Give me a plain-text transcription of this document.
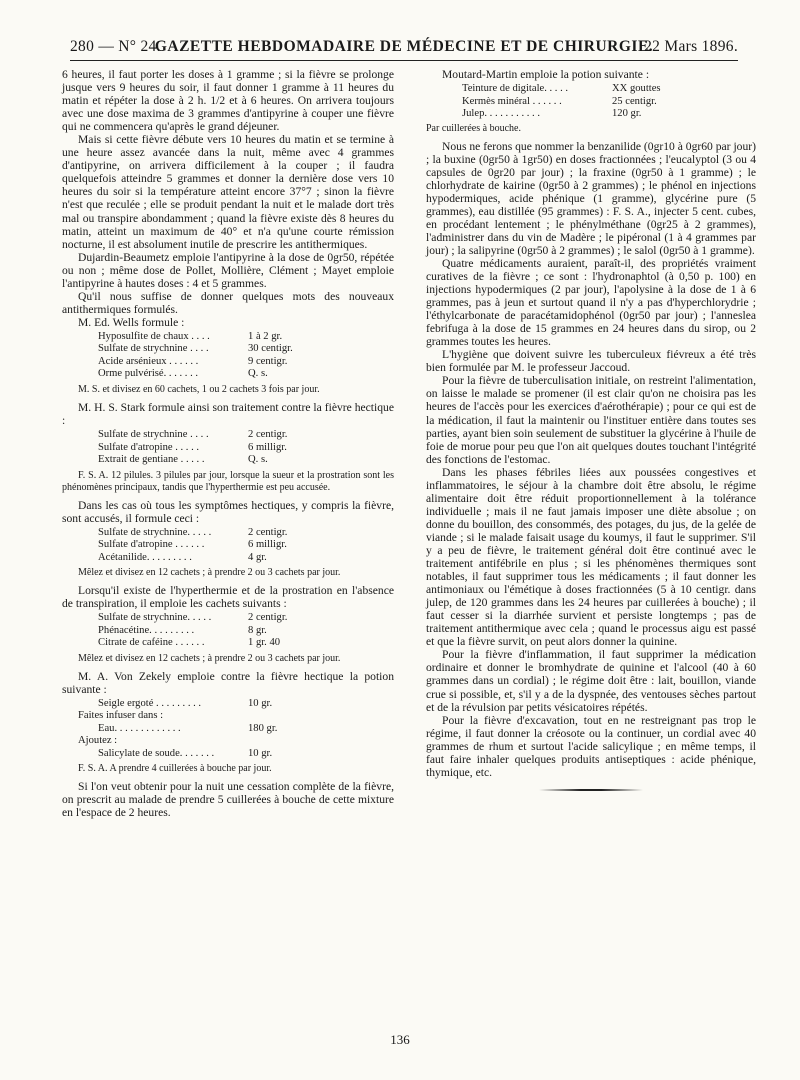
280 — N° 24.
GAZETTE HEBDOMADAIRE DE MÉDECINE ET DE CHIRURGIE.
22 Mars 1896.

6 heures, il faut porter les doses à 1 gramme ; si la fièvre se prolonge jusque vers 9 heures du soir, il faut donner 1 gramme à 11 heures du matin et répéter la dose à 2 h. 1/2 et à 6 heures. On arrivera toujours avec une dose maxima de 3 grammes d'antipyrine à couper une fièvre qui ne commencera qu'après le grand déjeuner.

Mais si cette fièvre débute vers 10 heures du matin et se termine à une heure assez avancée dans la nuit, même avec 4 grammes d'antipyrine, on arrivera difficilement à la couper ; il faudra quelquefois atteindre 5 grammes et donner la dernière dose vers 10 heures du soir si la température atteint encore 37°7 ; sinon la fièvre n'est que reculée ; elle se produit pendant la nuit et le malade dort très mal ou transpire abondamment ; quand la fièvre existe dès 8 heures du matin, atteint un maximum de 40° et n'a qu'une courte rémission nocturne, il est absolument inutile de prescrire les antithermiques.

Dujardin-Beaumetz emploie l'antipyrine à la dose de 0gr50, répétée ou non ; même dose de Pollet, Mollière, Clément ; Mayet emploie l'antipyrine à hautes doses : 4 et 5 grammes.

Qu'il nous suffise de donner quelques mots des nouveaux antithermiques formulés.

M. Ed. Wells formule :

Hyposulfite de chaux . . . .	1 à 2 gr.
Sulfate de strychnine . . . .	30 centigr.
Acide arsénieux . . . . . .	9 centigr.
Orme pulvérisé. . . . . . .	Q. s.

M. S. et divisez en 60 cachets, 1 ou 2 cachets 3 fois par jour.

M. H. S. Stark formule ainsi son traitement contre la fièvre hectique :

Sulfate de strychnine . . . .	2 centigr.
Sulfate d'atropine . . . . .	6 milligr.
Extrait de gentiane . . . . .	Q. s.

F. S. A. 12 pilules. 3 pilules par jour, lorsque la sueur et la prostration sont les phénomènes principaux, tandis que l'hyperthermie est peu accusée.

Dans les cas où tous les symptômes hectiques, y compris la fièvre, sont accusés, il formule ceci :

Sulfate de strychnine. . . . .	2 centigr.
Sulfate d'atropine . . . . . .	6 milligr.
Acétanilide. . . . . . . . .	4 gr.

Mêlez et divisez en 12 cachets ; à prendre 2 ou 3 cachets par jour.

Lorsqu'il existe de l'hyperthermie et de la prostration en l'absence de transpiration, il emploie les cachets suivants :

Sulfate de strychnine. . . . .	2 centigr.
Phénacétine. . . . . . . . .	8 gr.
Citrate de caféine . . . . . .	1 gr. 40

Mêlez et divisez en 12 cachets ; à prendre 2 ou 3 cachets par jour.

M. A. Von Zekely emploie contre la fièvre hectique la potion suivante :

Seigle ergoté . . . . . . . . .	10 gr.
Faites infuser dans :
Eau. . . . . . . . . . . . .	180 gr.
Ajoutez :
Salicylate de soude. . . . . . .	10 gr.

F. S. A. A prendre 4 cuillerées à bouche par jour.

Si l'on veut obtenir pour la nuit une cessation complète de la fièvre, on prescrit au malade de prendre 5 cuillerées à bouche de cette mixture en l'espace de 2 heures.

Moutard-Martin emploie la potion suivante :

Teinture de digitale. . . . .	XX gouttes
Kermès minéral . . . . . .	25 centigr.
Julep. . . . . . . . . . .	120 gr.

Par cuillerées à bouche.

Nous ne ferons que nommer la benzanilide (0gr10 à 0gr60 par jour) ; la buxine (0gr50 à 1gr50) en doses fractionnées ; l'eucalyptol (3 ou 4 capsules de 0gr20 par jour) ; la fraxine (0gr50 à 1 gramme) ; le chlorhydrate de kairine (0gr50 à 2 grammes) ; le phénol en injections hypodermiques, acide phénique (1 gramme), glycérine pure (5 grammes), eau distillée (95 grammes) : F. S. A., injecter 5 cent. cubes, en procédant lentement ; le phénylméthane (0gr25 à 2 grammes), l'administrer dans du vin de Madère ; le pipéronal (1 à 4 grammes par jour) ; la salipyrine (0gr50 à 2 grammes) ; le salol (0gr50 à 1 gramme).

Quatre médicaments auraient, paraît-il, des propriétés vraiment curatives de la fièvre ; ce sont : l'hydronaphtol (à 0,50 p. 100) en injections hypodermiques (2 par jour), l'apolysine à la dose de 1 à 6 grammes, pas à jeun et surtout quand il n'y a pas d'hyperchlorydrie ; l'éthylcarbonate de paracétamidophénol (0gr50 par jour) ; l'anneslea febrifuga à la dose de 15 grammes en 24 heures dans du sirop, ou 2 grammes toutes les heures.

L'hygiène que doivent suivre les tuberculeux fiévreux a été très bien formulée par M. le professeur Jaccoud.

Pour la fièvre de tuberculisation initiale, on restreint l'alimentation, on laisse le malade se promener (il est clair qu'on ne choisira pas les heures de l'accès pour les exercices d'aérothérapie) ; pour ce qui est de la médication, il faut la maintenir ou l'instituer entière dans toutes ses parties, ayant bien soin seulement de substituer la glycérine à l'huile de foie de morue pour peu que l'on ait quelques doutes touchant l'intégrité des fonctions de l'estomac.

Dans les phases fébriles liées aux poussées congestives et inflammatoires, le séjour à la chambre doit être absolu, le régime alimentaire doit être réduit proportionnellement à la tolérance individuelle ; mais il ne faut jamais imposer une diète absolue ; on donne du bouillon, des consommés, des potages, du jus, de la gelée de viande ; si le malade faisait usage du koumys, il faut le supprimer. S'il y a peu de fièvre, le traitement général doit être continué avec le traitement antifébrile en plus ; si les phénomènes thermiques sont notables, il faut supprimer tous les médicaments ; il faut donner les antimoniaux ou l'émétique à doses fractionnées (5 à 10 centigr. dans julep, de 120 grammes dans les 24 heures par cuillerées à bouche) ; il faut cesser si la diarrhée survient et persiste longtemps ; pas de traitement antithermique avec cela ; quand le processus aigu est passé et que la fièvre survit, on peut alors donner la quinine.

Pour la fièvre d'inflammation, il faut supprimer la médication ordinaire et donner le bromhydrate de quinine et l'alcool (40 à 60 grammes dans un cordial) ; le régime doit être : lait, bouillon, viande crue si possible, et, s'il y a de la dyspnée, des ventouses sèches partout et de la révulsion par petits vésicatoires répétés.

Pour la fièvre d'excavation, tout en ne restreignant pas trop le régime, il faut donner la créosote ou la continuer, un cordial avec 40 grammes de rhum et surtout l'acide salicylique ; en même temps, il faut faire inhaler quelques produits antiseptiques : acide phénique, thymique, etc.

136
